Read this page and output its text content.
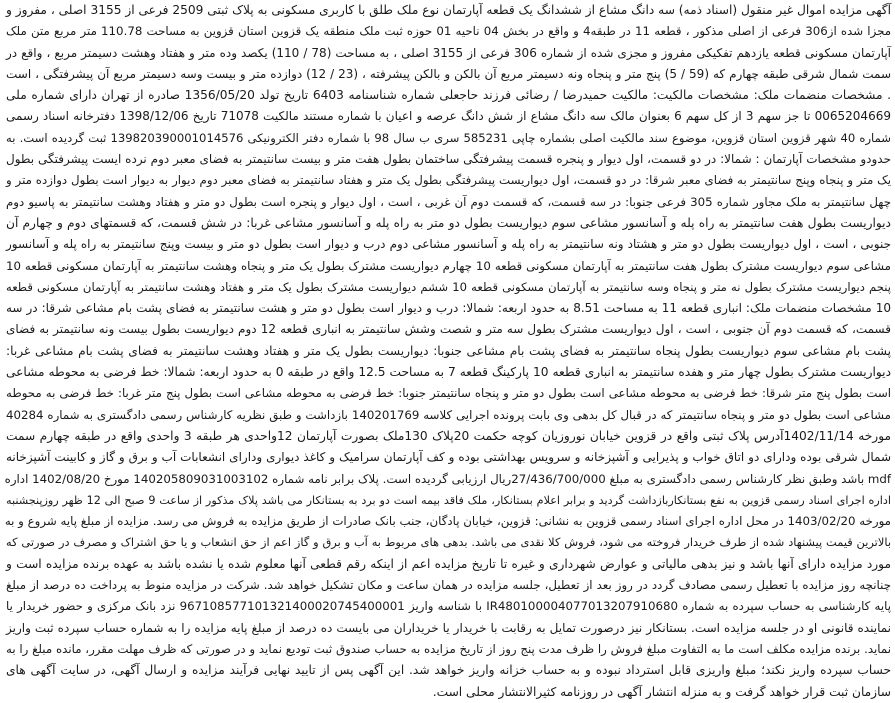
آگهی مزایده اموال غیر منقول (اسناد ذمه) سه دانگ مشاع از ششدانگ یک قطعه آپارتمان نوع ملک طلق با کاربری مسکونی به پلاک ثبتی 2509 فرعی از 3155 اصلی ، مفروز و
مجزا شده از306 فرعی از اصلی مذکور ، قطعه 11 در طبقه4 و واقع در بخش 04 ناحیه 01 حوزه ثبت ملک منطقه یک قزوین استان قزوین به مساحت 110.78 متر مربع متن ملک
آپارتمان مسکونی قطعه یازدهم تفکیکی مفروز و مجزی شده از شماره 306 فرعی از 3155 اصلی ، به مساحت (78 / 110) یکصد وده متر و هفتاد وهشت دسیمتر مربع ، واقع در
سمت شمال شرقی طبقه چهارم که (59 / 5) پنج متر و پنجاه ونه دسیمتر مربع آن بالکن و بالکن پیشرفته ، (23 / 12) دوازده متر و بیست وسه دسیمتر مربع آن پیشرفتگی ، است
. مشخصات منضمات ملک: مشخصات مالکیت: مالکیت حمیدرضا / رضائی فرزند حاجعلی شماره شناسنامه 6403 تاریخ تولد 1356/05/20 صادره از تهران دارای شماره ملی
0065204669 تا جز سهم 3 از کل سهم 6 بعنوان مالک سه دانگ مشاع از شش دانگ عرصه و اعیان با شماره مستند مالکیت 71078 تاریخ 1398/12/06 دفترخانه اسناد رسمی
شماره 40 شهر قزوین استان قزوین، موضوع سند مالکیت اصلی بشماره چاپی 585231 سری ب سال 98 با شماره دفتر الکترونیکی 139820390001014576 ثبت گردیده است. به
حدودو مشخصات آپارتمان : شمالا: در دو قسمت، اول دیوار و پنجره قسمت پیشرفتگی ساختمان بطول هفت متر و بیست سانتیمتر به فضای معبر دوم نرده ایست پیشرفتگی بطول
یک متر و پنجاه وپنج سانتیمتر به فضای معبر شرقا: در دو قسمت، اول دیواریست پیشرفتگی بطول یک متر و هفتاد سانتیمتر به فضای معبر دوم دیوار به دیوار است بطول دوازده متر و
چهل سانتیمتر به ملک مجاور شماره 305 فرعی جنوبا: در سه قسمت، که قسمت دوم آن غربی ، است ، اول دیوار و پنجره است بطول دو متر و هفتاد وهشت سانتیمتر به پاسیو دوم
دیواریست بطول هفت سانتیمتر به راه پله و آسانسور مشاعی سوم دیواریست بطول دو متر به راه پله و آسانسور مشاعی غربا: در شش قسمت، که قسمتهای دوم و چهارم آن
جنوبی ، است ، اول دیواریست بطول دو متر و هشتاد ونه سانتیمتر به راه پله و آسانسور مشاعی دوم درب و دیوار است بطول دو متر و بیست وپنج سانتیمتر به راه پله و آسانسور
مشاعی سوم دیواریست مشترک بطول هفت سانتیمتر به آپارتمان مسکونی قطعه 10 چهارم دیواریست مشترک بطول یک متر و پنجاه وهشت سانتیمتر به آپارتمان مسکونی قطعه 10
پنجم دیواریست مشترک بطول نه متر و پنجاه وسه سانتیمتر به آپارتمان مسکونی قطعه 10 ششم دیواریست مشترک بطول یک متر و هفتاد وهشت سانتیمتر به آپارتمان مسکونی قطعه
10 مشخصات منضمات ملک: انباری قطعه 11 به مساحت 8.51 به حدود اربعه: شمالا: درب و دیوار است بطول دو متر و هشت سانتیمتر به فضای پشت بام مشاعی شرقا: در سه
قسمت، که قسمت دوم آن جنوبی ، است ، اول دیواریست مشترک بطول سه متر و شصت وشش سانتیمتر به انباری قطعه 12 دوم دیواریست بطول بیست ونه سانتیمتر به فضای
پشت بام مشاعی سوم دیواریست بطول پنجاه سانتیمتر به فضای پشت بام مشاعی جنوبا: دیواریست بطول یک متر و هفتاد وهشت سانتیمتر به فضای پشت بام مشاعی غربا:
دیواریست مشترک بطول چهار متر و هفده سانتیمتر به انباری قطعه 10 پارکینگ قطعه 7 به مساحت 12.5 واقع در طبقه 0 به حدود اربعه: شمالا: خط فرضی به محوطه مشاعی
است بطول پنج متر شرقا: خط فرضی به محوطه مشاعی است بطول دو متر و پنجاه سانتیمتر جنوبا: خط فرضی به محوطه مشاعی است بطول پنج متر غربا: خط فرضی به محوطه
مشاعی است بطول دو متر و پنجاه سانتیمتر که در قبال کل بدهی وی بابت پرونده اجرایی کلاسه 140201769 بازداشت و طبق نظریه کارشناس رسمی دادگستری به شماره 40284
مورخه 1402/11/14آدرس پلاک ثبتی واقع در قزوین خیابان نوروزیان کوچه حکمت 20پلاک 130ملک بصورت آپارتمان 12واحدی هر طبقه 3 واحدی واقع در طبقه چهارم سمت
شمال شرقی بوده ودارای دو اتاق خواب و پذیرایی و آشپزخانه و سرویس بهداشتی بوده و کف آپارتمان سرامیک و کاغذ دیواری ودارای انشعابات آب و برق و گاز و کابینت آشپزخانه
mdf باشد وطبق نظر کارشناس رسمی دادگستری به مبلغ 27/436/700/000ریال ارزیابی گردیده است. پلاک برابر نامه شماره 140205809031003102 مورخ 1402/08/20 اداره
اداره اجرای اسناد رسمی قزوین به نفع بستانکاربازداشت گردید و برابر اعلام بستانکار، ملک فاقد بیمه است دو برد به بستانکار می باشد پلاک مذکور از ساعت 9 صبح الی 12 ظهر روزپنجشنبه
مورخه 1403/02/20 در محل اداره اجرای اسناد رسمی قزوین به نشانی: قزوین، خیابان پادگان، جنب بانک صادرات از طریق مزایده به فروش می رسد. مزایده از مبلغ پایه شروع و به
بالاترین قیمت پیشنهاد شده از طرف خریدار فروخته می شود، فروش کلا نقدی می باشد. بدهی های مربوط به آب و برق و گاز اعم از حق انشعاب و یا حق اشتراک و مصرف در صورتی که
مورد مزایده دارای آنها باشد و نیز بدهی مالیاتی و عوارض شهرداری و غیره تا تاریخ مزایده اعم از اینکه رقم قطعی آنها معلوم شده یا نشده باشد به عهده برنده مزایده است و
چنانچه روز مزایده با تعطیل رسمی مصادف گردد در روز بعد از تعطیل، جلسه مزایده در همان ساعت و مکان تشکیل خواهد شد. شرکت در مزایده منوط به پرداخت ده درصد از مبلغ
پایه کارشناسی به حساب سپرده به شماره IR480100004077013207910680 با شناسه واریز 967108577101321400020745400001 نزد بانک مرکزی و حضور خریدار یا
نماینده قانونی او در جلسه مزایده است. بستانکار نیز درصورت تمایل به رقابت با خریدار یا خریداران می بایست ده درصد از مبلغ پایه مزایده را به شماره حساب سپرده ثبت واریز
نماید. برنده مزایده مکلف است ما به التفاوت مبلغ فروش را ظرف مدت پنج روز از تاریخ مزایده به حساب صندوق ثبت تودیع نماید و در صورتی که ظرف مهلت مقرر، مانده مبلغ را به
حساب سپرده واریز نکند؛ مبلغ واریزی قابل استرداد نبوده و به حساب خزانه واریز خواهد شد. این آگهی پس از تایید نهایی فرآیند مزایده و ارسال آگهی، در سایت آگهی های
سازمان ثبت قرار خواهد گرفت و به منزله انتشار آگهی در روزنامه کثیرالانتشار محلی است.
